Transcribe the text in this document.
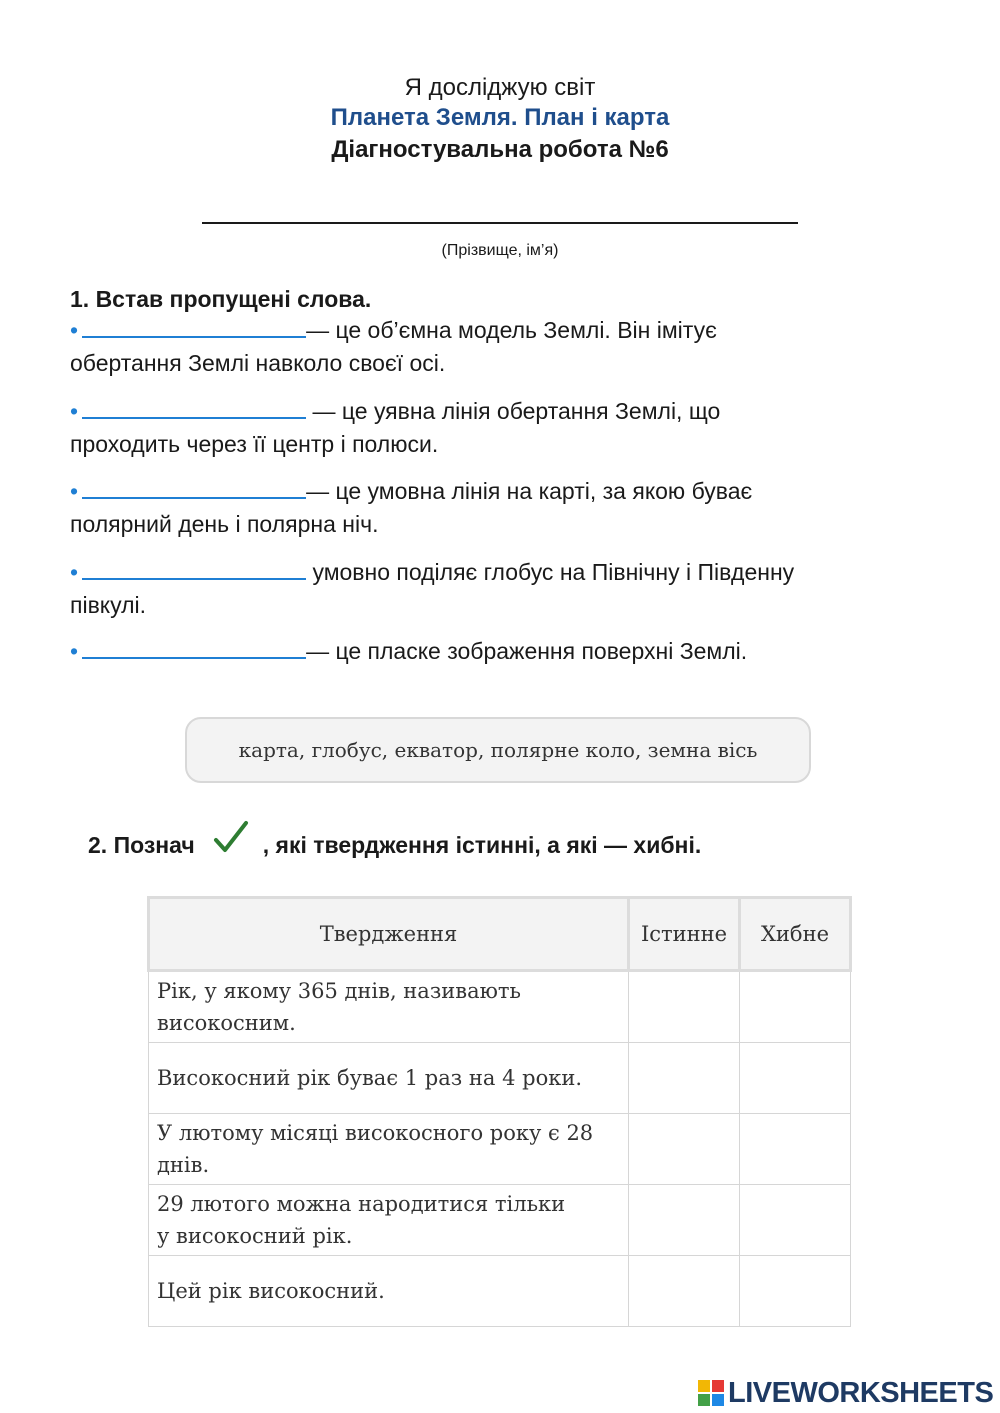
Я досліджую світ
Планета Земля. План і карта
Діагностувальна робота №6
(Прізвище, ім’я)
1. Встав пропущені слова.
•	— це об’ємна модель Землі. Він імітує
обертання Землі навколо своєї осі.
•	— це уявна лінія обертання Землі, що
проходить через її центр і полюси.
•	— це умовна лінія на карті, за якою буває
полярний день і полярна ніч.
•	умовно поділяє глобус на Північну і Південну
півкулі.
•	— це пласке зображення поверхні Землі.
карта, глобус, екватор, полярне коло, земна вісь
2. Познач	, які твердження істинні, а які — хибні.
Твердження	Істинне	Хибне
Рік, у якому 365 днів, називають
високосним.		
Високосний рік буває 1 раз на 4 роки.		
У лютому місяці високосного року є 28
днів.		
29 лютого можна народитися тільки
у високосний рік.		
Цей рік високосний.		
LIVEWORKSHEETS
